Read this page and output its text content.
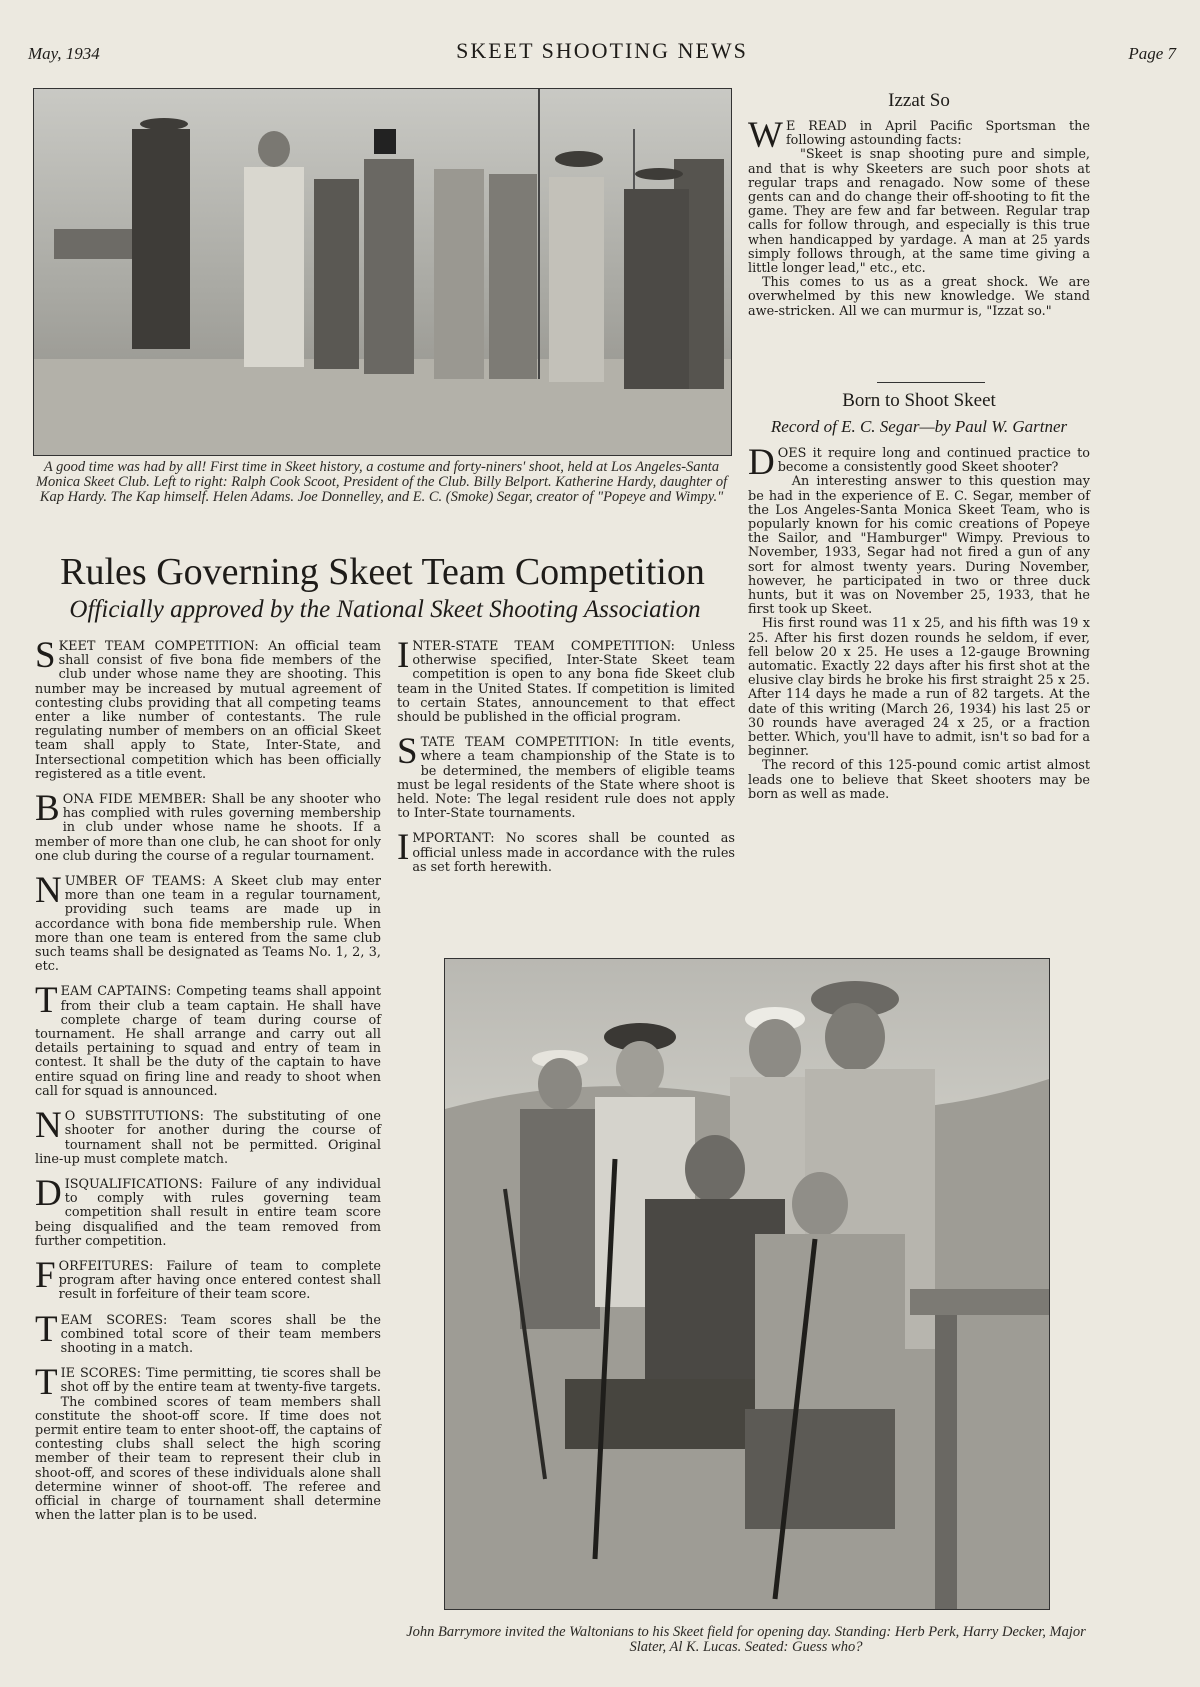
May, 1934	SKEET SHOOTING NEWS	Page 7
A good time was had by all! First time in Skeet history, a costume and forty-niners' shoot, held at Los Angeles-Santa Monica Skeet Club. Left to right: Ralph Cook Scoot, President of the Club. Billy Belport. Katherine Hardy, daughter of Kap Hardy. The Kap himself. Helen Adams. Joe Donnelley, and E. C. (Smoke) Segar, creator of "Popeye and Wimpy."
Rules Governing Skeet Team Competition
Officially approved by the National Skeet Shooting Association

SKEET TEAM COMPETITION: An official team shall consist of five bona fide members of the club under whose name they are shooting. This number may be increased by mutual agreement of contesting clubs providing that all competing teams enter a like number of contestants. The rule regulating number of members on an official Skeet team shall apply to State, Inter-State, and Intersectional competition which has been officially registered as a title event.

BONA FIDE MEMBER: Shall be any shooter who has complied with rules governing membership in club under whose name he shoots. If a member of more than one club, he can shoot for only one club during the course of a regular tournament.

NUMBER OF TEAMS: A Skeet club may enter more than one team in a regular tournament, providing such teams are made up in accordance with bona fide membership rule. When more than one team is entered from the same club such teams shall be designated as Teams No. 1, 2, 3, etc.

TEAM CAPTAINS: Competing teams shall appoint from their club a team captain. He shall have complete charge of team during course of tournament. He shall arrange and carry out all details pertaining to squad and entry of team in contest. It shall be the duty of the captain to have entire squad on firing line and ready to shoot when call for squad is announced.

N O SUBSTITUTIONS: The substituting of one shooter for another during the course of tournament shall not be permitted. Original line-up must complete match.

DISQUALIFICATIONS: Failure of any individual to comply with rules governing team competition shall result in entire team score being disqualified and the team removed from further competition.

FORFEITURES: Failure of team to complete program after having once entered contest shall result in forfeiture of their team score.

TEAM SCORES: Team scores shall be the combined total score of their team members shooting in a match.

TIE SCORES: Time permitting, tie scores shall be shot off by the entire team at twenty-five targets. The combined scores of team members shall constitute the shoot-off score. If time does not permit entire team to enter shoot-off, the captains of contesting clubs shall select the high scoring member of their team to represent their club in shoot-off, and scores of these individuals alone shall determine winner of shoot-off. The referee and official in charge of tournament shall determine when the latter plan is to be used.

INTER-STATE TEAM COMPETITION: Unless otherwise specified, Inter-State Skeet team competition is open to any bona fide Skeet club team in the United States. If competition is limited to certain States, announcement to that effect should be published in the official program.

STATE TEAM COMPETITION: In title events, where a team championship of the State is to be determined, the members of eligible teams must be legal residents of the State where shoot is held. Note: The legal resident rule does not apply to Inter-State tournaments.

IMPORTANT: No scores shall be counted as official unless made in accordance with the rules as set forth herewith.

Izzat So

W E READ in April Pacific Sportsman the following astounding facts:

"Skeet is snap shooting pure and simple, and that is why Skeeters are such poor shots at regular traps and renagado. Now some of these gents can and do change their off-shooting to fit the game. They are few and far between. Regular trap calls for follow through, and especially is this true when handicapped by yardage. A man at 25 yards simply follows through, at the same time giving a little longer lead," etc., etc.

This comes to us as a great shock. We are overwhelmed by this new knowledge. We stand awe-stricken. All we can murmur is, "Izzat so."

Born to Shoot Skeet
Record of E. C. Segar—by Paul W. Gartner

DOES it require long and continued practice to become a consistently good Skeet shooter?

An interesting answer to this question may be had in the experience of E. C. Segar, member of the Los Angeles-Santa Monica Skeet Team, who is popularly known for his comic creations of Popeye the Sailor, and "Hamburger" Wimpy. Previous to November, 1933, Segar had not fired a gun of any sort for almost twenty years. During November, however, he participated in two or three duck hunts, but it was on November 25, 1933, that he first took up Skeet.

His first round was 11 x 25, and his fifth was 19 x 25. After his first dozen rounds he seldom, if ever, fell below 20 x 25. He uses a 12-gauge Browning automatic. Exactly 22 days after his first shot at the elusive clay birds he broke his first straight 25 x 25. After 114 days he made a run of 82 targets. At the date of this writing (March 26, 1934) his last 25 or 30 rounds have averaged 24 x 25, or a fraction better. Which, you'll have to admit, isn't so bad for a beginner.

The record of this 125-pound comic artist almost leads one to believe that Skeet shooters may be born as well as made.

John Barrymore invited the Waltonians to his Skeet field for opening day. Standing: Herb Perk, Harry Decker, Major Slater, Al K. Lucas. Seated: Guess who?
